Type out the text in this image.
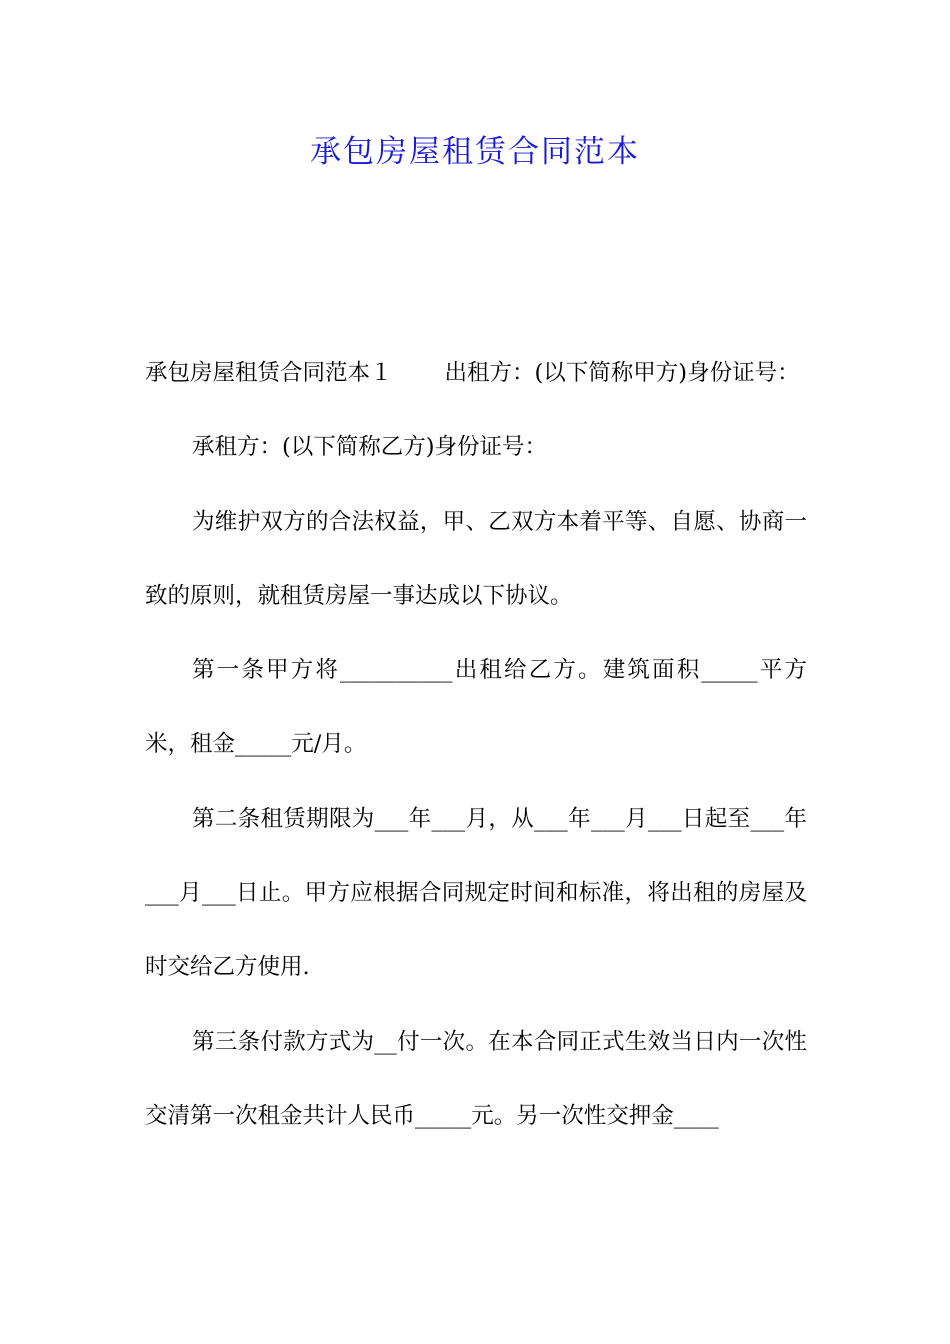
承包房屋租赁合同范本

承包房屋租赁合同范本１ 出租方：(以下简称甲方)身份证号：

承租方：(以下简称乙方)身份证号：

为维护双方的合法权益，甲、乙双方本着平等、自愿、协商一致的原则，就租赁房屋一事达成以下协议。

第一条甲方将__________出租给乙方。建筑面积_____平方米，租金_____元/月。

第二条租赁期限为___年___月，从___年___月___日起至___年___月___日止。甲方应根据合同规定时间和标准，将出租的房屋及时交给乙方使用.

第三条付款方式为__付一次。在本合同正式生效当日内一次性交清第一次租金共计人民币_____元。另一次性交押金____
